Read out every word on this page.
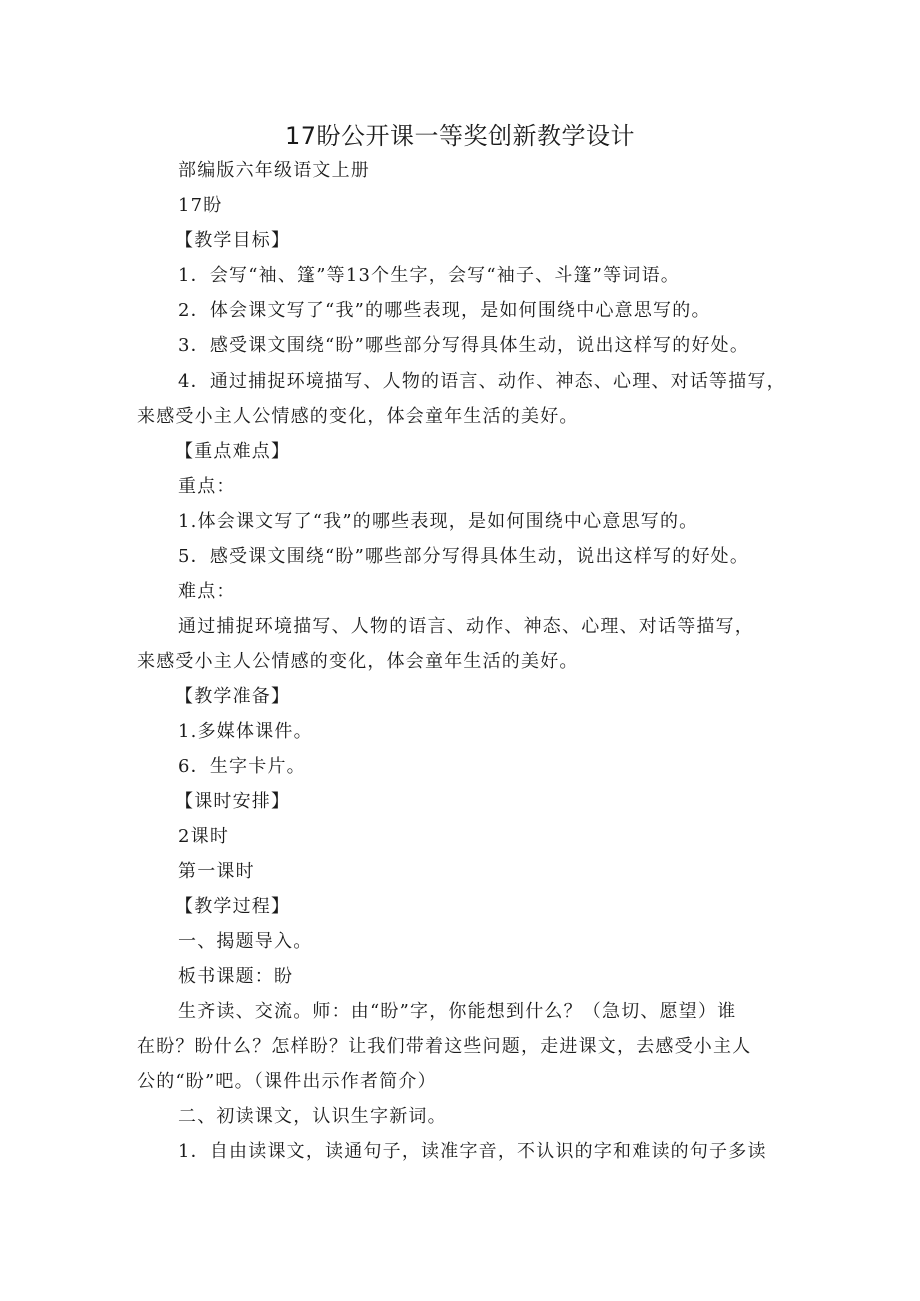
17盼公开课一等奖创新教学设计
部编版六年级语文上册
17盼
【教学目标】
1．会写“袖、篷”等13个生字，会写“袖子、斗篷”等词语。
2．体会课文写了“我”的哪些表现，是如何围绕中心意思写的。
3．感受课文围绕“盼”哪些部分写得具体生动，说出这样写的好处。
4．通过捕捉环境描写、人物的语言、动作、神态、心理、对话等描写，
来感受小主人公情感的变化，体会童年生活的美好。
【重点难点】
重点：
1.体会课文写了“我”的哪些表现，是如何围绕中心意思写的。
5．感受课文围绕“盼”哪些部分写得具体生动，说出这样写的好处。
难点：
通过捕捉环境描写、人物的语言、动作、神态、心理、对话等描写，
来感受小主人公情感的变化，体会童年生活的美好。
【教学准备】
1.多媒体课件。
6．生字卡片。
【课时安排】
2课时
第一课时
【教学过程】
一、揭题导入。
板书课题：盼
生齐读、交流。师：由“盼”字，你能想到什么？（急切、愿望）谁
在盼？盼什么？怎样盼？让我们带着这些问题，走进课文，去感受小主人
公的“盼”吧。（课件出示作者简介）
二、初读课文，认识生字新词。
1．自由读课文，读通句子，读准字音，不认识的字和难读的句子多读
